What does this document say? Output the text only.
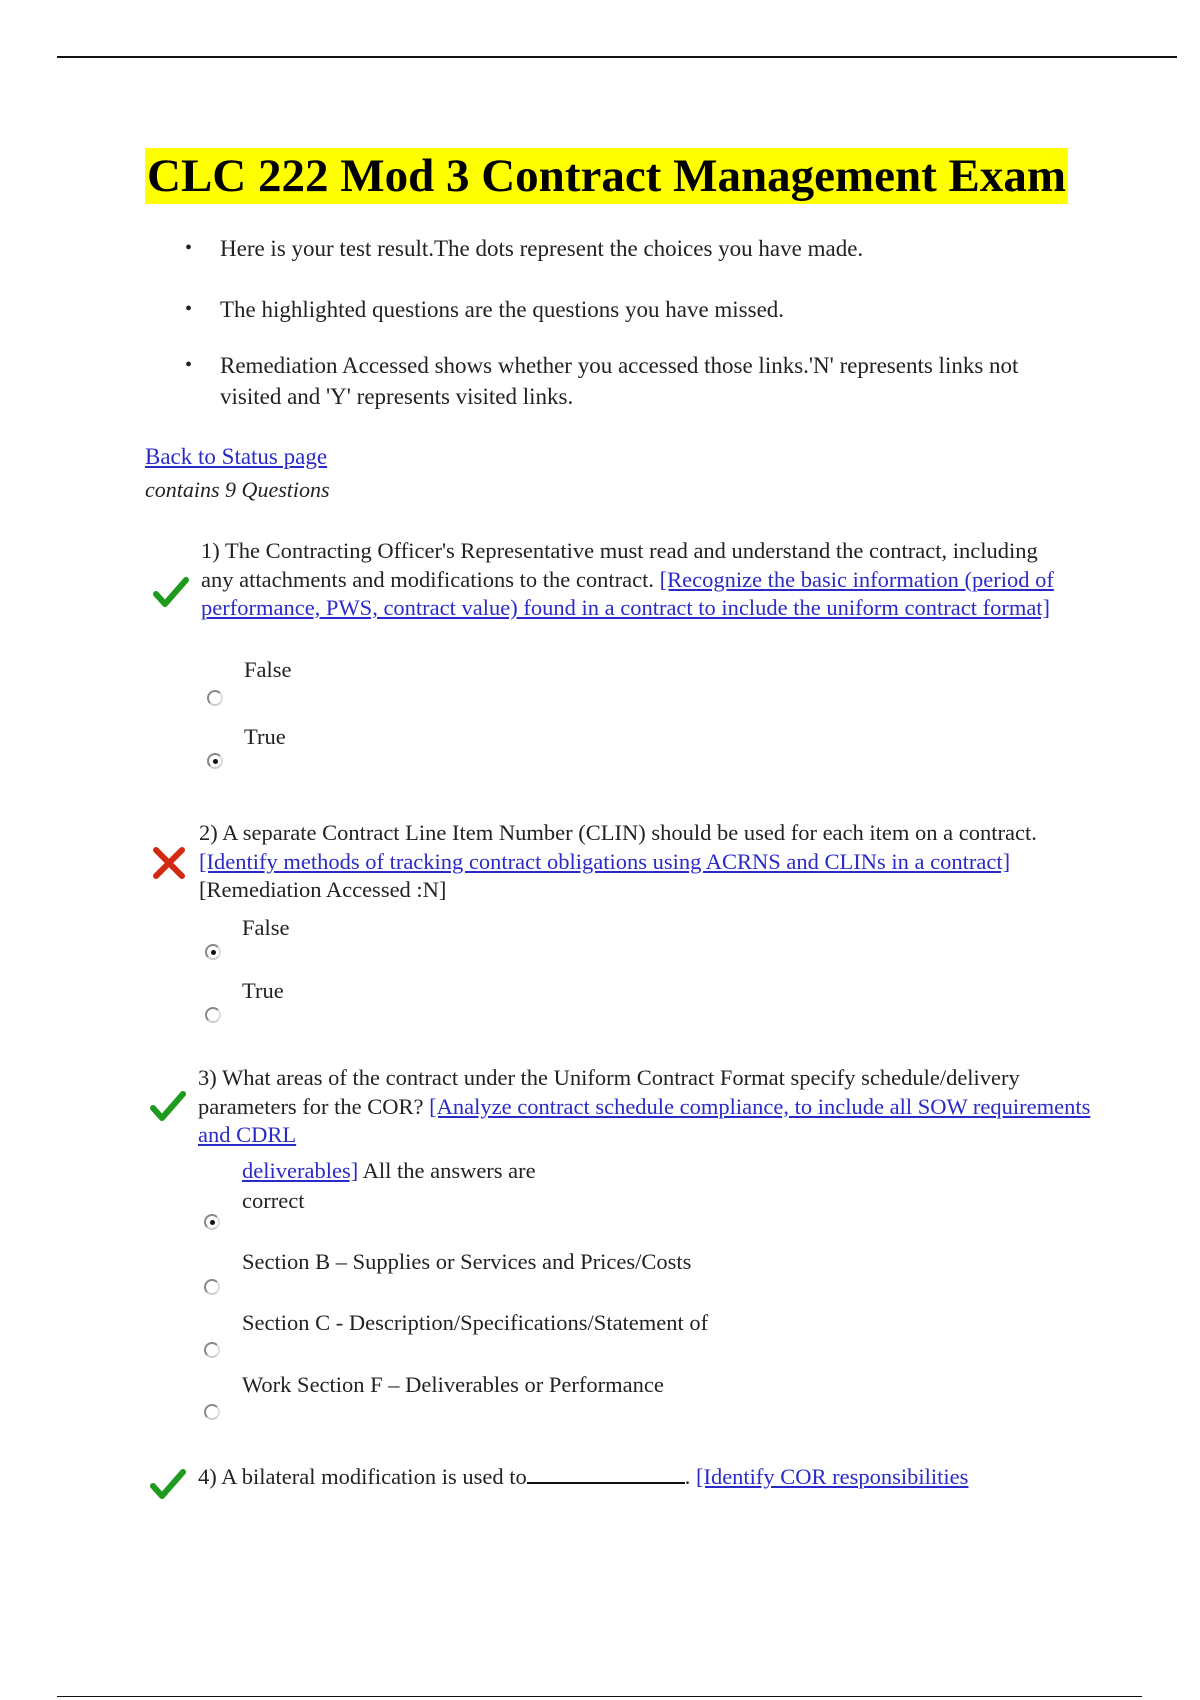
CLC 222 Mod 3 Contract Management Exam
• Here is your test result.The dots represent the choices you have made.
• The highlighted questions are the questions you have missed.
• Remediation Accessed shows whether you accessed those links.'N' represents links not visited and 'Y' represents visited links.
Back to Status page
contains 9 Questions
1) The Contracting Officer's Representative must read and understand the contract, including any attachments and modifications to the contract. [Recognize the basic information (period of performance, PWS, contract value) found in a contract to include the uniform contract format]
False
True
2) A separate Contract Line Item Number (CLIN) should be used for each item on a contract. [Identify methods of tracking contract obligations using ACRNS and CLINs in a contract] [Remediation Accessed :N]
False
True
3) What areas of the contract under the Uniform Contract Format specify schedule/delivery parameters for the COR? [Analyze contract schedule compliance, to include all SOW requirements and CDRL
deliverables] All the answers are
correct
Section B – Supplies or Services and Prices/Costs
Section C - Description/Specifications/Statement of
Work Section F – Deliverables or Performance
4) A bilateral modification is used to	. [Identify COR responsibilities
